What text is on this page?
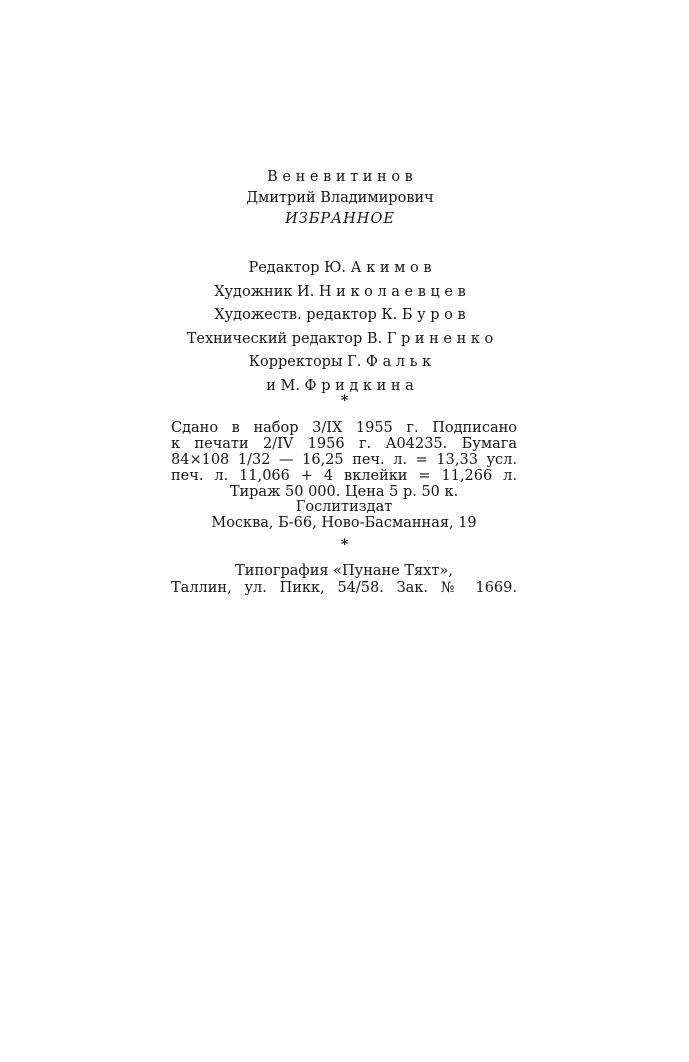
В е н е в и т и н о в
Дмитрий Владимирович
ИЗБРАННОЕ
Редактор Ю. А к и м о в
Художник И. Н и к о л а е в ц е в
Художеств. редактор К. Б у р о в
Технический редактор В. Г р и н е н к о
Корректоры Г. Ф а л ь к
и М. Ф р и д к и н а
*
Сдано в набор 3/IX 1955 г. Подписано
к печати 2/IV 1956 г. А04235. Бумага
84×108 1/32 — 16,25 печ. л. = 13,33 усл.
печ. л. 11,066 + 4 вклейки = 11,266 л.
Тираж 50 000. Цена 5 р. 50 к.
Гослитиздат
Москва, Б-66, Ново-Басманная, 19
*
Типография «Пунане Тяхт»,
Таллин, ул. Пикк, 54/58. Зак. № 1669.
